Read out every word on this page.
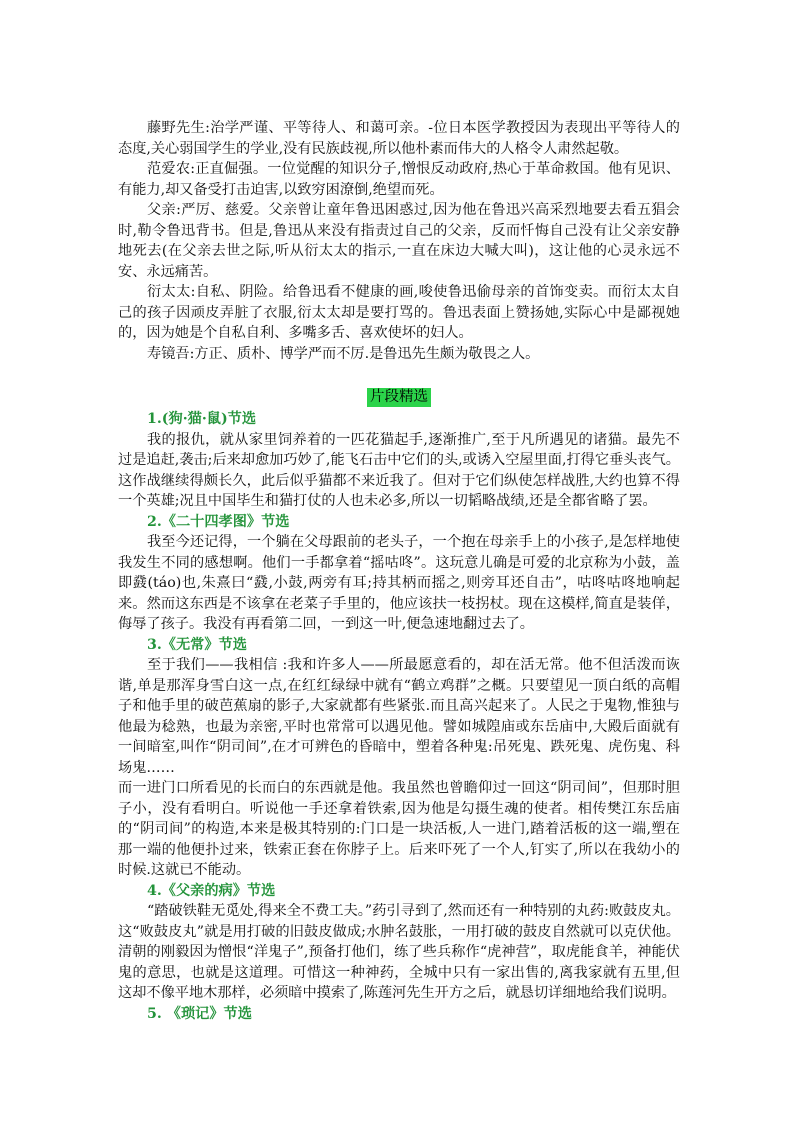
藤野先生:治学严谨、平等待人、和蔼可亲。-位日本医学教授因为表现出平等待人的态度,关心弱国学生的学业,没有民族歧视,所以他朴素而伟大的人格令人肃然起敬。

范爱农:正直倔强。一位觉醒的知识分子,憎恨反动政府,热心于革命救国。他有见识、有能力,却又备受打击迫害,以致穷困潦倒,绝望而死。

父亲:严厉、慈爱。父亲曾让童年鲁迅困惑过,因为他在鲁迅兴高采烈地要去看五猖会时,勒令鲁迅背书。但是,鲁迅从来没有指责过自己的父亲，反而忏悔自己没有让父亲安静地死去(在父亲去世之际,听从衍太太的指示,一直在床边大喊大叫)，这让他的心灵永远不安、永远痛苦。

衍太太:自私、阴险。给鲁迅看不健康的画,唆使鲁迅偷母亲的首饰变卖。而衍太太自己的孩子因顽皮弄脏了衣服,衍太太却是要打骂的。鲁迅表面上赞扬她,实际心中是鄙视她的，因为她是个自私自利、多嘴多舌、喜欢使坏的妇人。

寿镜吾:方正、质朴、博学严而不厉.是鲁迅先生颇为敬畏之人。

片段精选
1.(狗·猫·鼠)节选

我的报仇，就从家里饲养着的一匹花猫起手,逐渐推广,至于凡所遇见的诸猫。最先不过是追赶,袭击;后来却愈加巧妙了,能飞石击中它们的头,或诱入空屋里面,打得它垂头丧气。这作战继续得颇长久，此后似乎猫都不来近我了。但对于它们纵使怎样战胜,大约也算不得一个英雄;况且中国毕生和猫打仗的人也未必多,所以一切韬略战绩,还是全都省略了罢。

2.《二十四孝图》节选

我至今还记得，一个躺在父母跟前的老头子，一个抱在母亲手上的小孩子,是怎样地使我发生不同的感想啊。他们一手都拿着“摇咕咚”。这玩意儿确是可爱的北京称为小鼓，盖即鼗(táo)也,朱熹曰“鼗,小鼓,两旁有耳;持其柄而摇之,则旁耳还自击”，咕咚咕咚地响起来。然而这东西是不该拿在老菜子手里的，他应该扶一枝拐杖。现在这模样,简直是装佯，侮辱了孩子。我没有再看第二回，一到这一叶,便急速地翻过去了。

3.《无常》节选

至于我们——我相信 :我和许多人——所最愿意看的，却在活无常。他不但活泼而诙谐,单是那浑身雪白这一点,在红红绿绿中就有“鹤立鸡群”之概。只要望见一顶白纸的高帽子和他手里的破芭蕉扇的影子,大家就都有些紧张.而且高兴起来了。人民之于鬼物,惟独与他最为稔熟，也最为亲密,平时也常常可以遇见他。譬如城隍庙或东岳庙中,大殿后面就有一间暗室,叫作“阴司间”,在才可辨色的昏暗中，塑着各种鬼:吊死鬼、跌死鬼、虎伤鬼、科场鬼……

而一进门口所看见的长而白的东西就是他。我虽然也曾瞻仰过一回这“阴司间”，但那时胆子小，没有看明白。听说他一手还拿着铁索,因为他是勾摄生魂的使者。相传樊江东岳庙的“阴司间”的构造,本来是极其特别的:门口是一块活板,人一进门,踏着活板的这一端,塑在那一端的他便扑过来，铁索正套在你脖子上。后来吓死了一个人,钉实了,所以在我幼小的时候.这就已不能动。

4.《父亲的病》节选

“踏破铁鞋无觅处,得来全不费工夫。”药引寻到了,然而还有一种特别的丸药:败鼓皮丸。这“败鼓皮丸”就是用打破的旧鼓皮做成;水肿名鼓胀，一用打破的鼓皮自然就可以克伏他。清朝的刚毅因为憎恨“洋鬼子”,预备打他们，练了些兵称作“虎神营”，取虎能食羊，神能伏鬼的意思，也就是这道理。可惜这一种神药，全城中只有一家出售的,离我家就有五里,但这却不像平地木那样，必须暗中摸索了,陈莲河先生开方之后，就恳切详细地给我们说明。

5. 《琐记》节选
